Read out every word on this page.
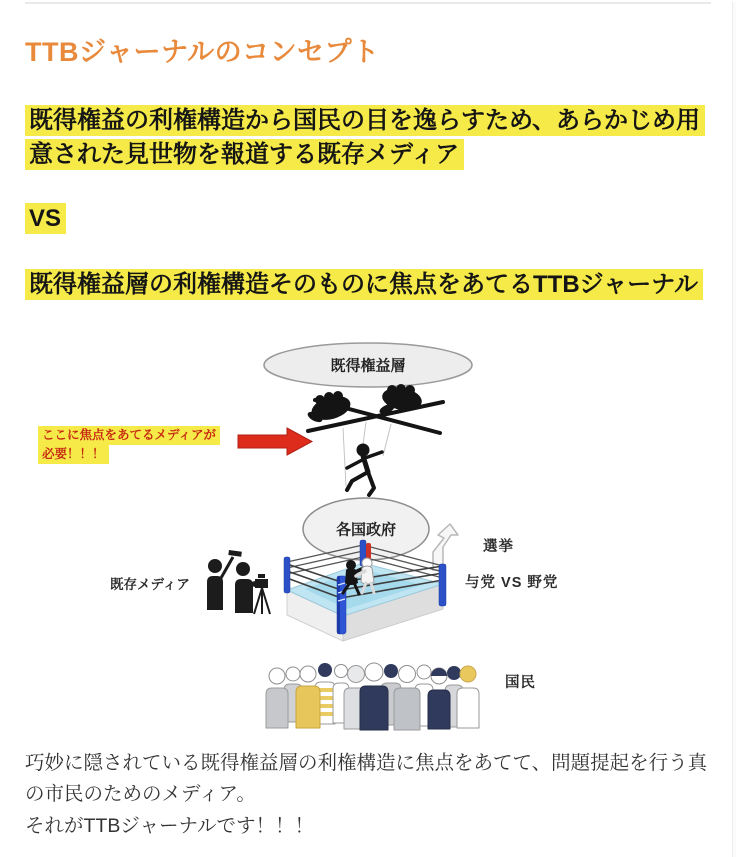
TTBジャーナルのコンセプト

既得権益の利権構造から国民の目を逸らすため、あらかじめ用意された見世物を報道する既存メディア

VS

既得権益層の利権構造そのものに焦点をあてるTTBジャーナル

既得権益層
ここに焦点をあてるメディアが
必要！！！
各国政府
選挙
与党 VS 野党
既存メディア
国民

巧妙に隠されている既得権益層の利権構造に焦点をあてて、問題提起を行う真の市民のためのメディア。
それがTTBジャーナルです！！！
